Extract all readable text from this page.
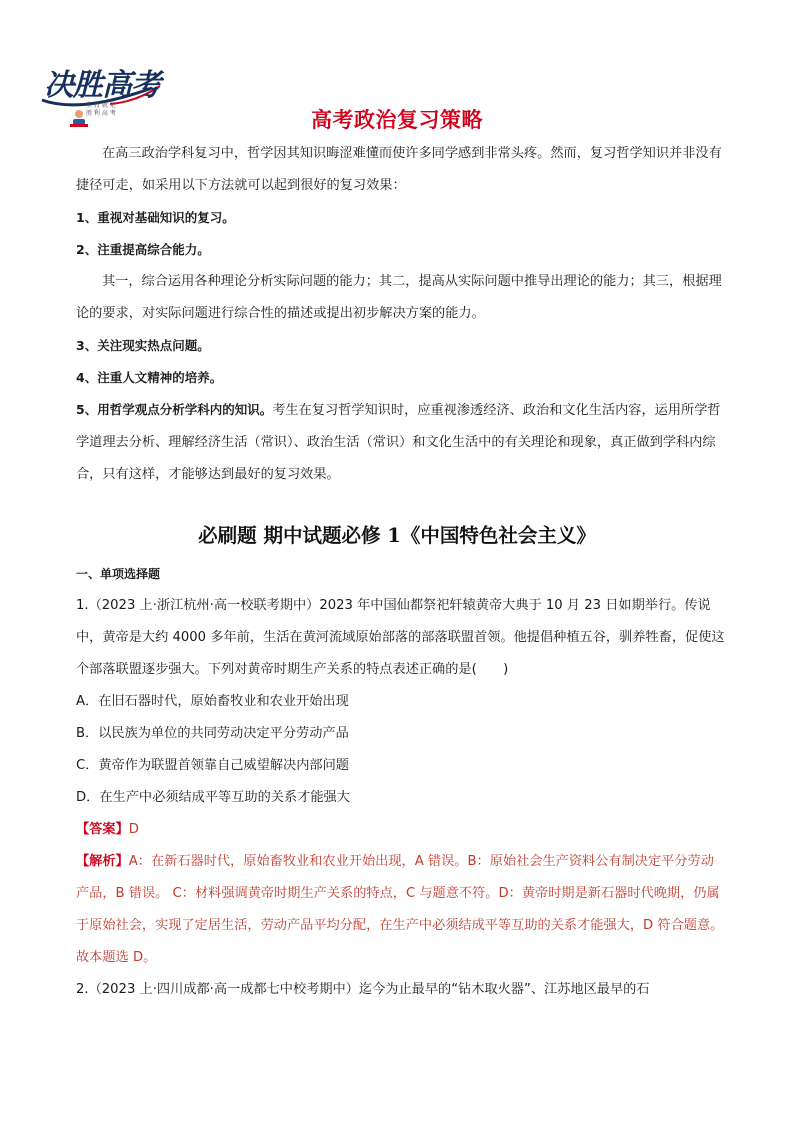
决胜高考
坚 持 就 是
胜 利 高 考	高考政治复习策略

在高三政治学科复习中，哲学因其知识晦涩难懂而使许多同学感到非常头疼。然而，复习哲学知识并非没有捷径可走，如采用以下方法就可以起到很好的复习效果：

1、重视对基础知识的复习。

2、注重提高综合能力。

其一，综合运用各种理论分析实际问题的能力；其二，提高从实际问题中推导出理论的能力；其三，根据理论的要求，对实际问题进行综合性的描述或提出初步解决方案的能力。

3、关注现实热点问题。

4、注重人文精神的培养。

5、用哲学观点分析学科内的知识。考生在复习哲学知识时，应重视渗透经济、政治和文化生活内容，运用所学哲学道理去分析、理解经济生活（常识）、政治生活（常识）和文化生活中的有关理论和现象，真正做到学科内综合，只有这样，才能够达到最好的复习效果。

必刷题 期中试题必修 1《中国特色社会主义》

一、单项选择题

1.（2023 上·浙江杭州·高一校联考期中）2023 年中国仙都祭祀轩辕黄帝大典于 10 月 23 日如期举行。传说中，黄帝是大约 4000 多年前，生活在黄河流域原始部落的部落联盟首领。他提倡种植五谷，驯养牲畜，促使这个部落联盟逐步强大。下列对黄帝时期生产关系的特点表述正确的是(　　)

A．在旧石器时代，原始畜牧业和农业开始出现

B．以民族为单位的共同劳动决定平分劳动产品

C．黄帝作为联盟首领靠自己威望解决内部问题

D．在生产中必须结成平等互助的关系才能强大

【答案】D

【解析】A：在新石器时代，原始畜牧业和农业开始出现，A 错误。B：原始社会生产资料公有制决定平分劳动产品，B 错误。 C：材料强调黄帝时期生产关系的特点，C 与题意不符。D：黄帝时期是新石器时代晚期，仍属于原始社会，实现了定居生活，劳动产品平均分配，在生产中必须结成平等互助的关系才能强大，D 符合题意。故本题选 D。

2.（2023 上·四川成都·高一成都七中校考期中）迄今为止最早的“钻木取火器”、江苏地区最早的石
